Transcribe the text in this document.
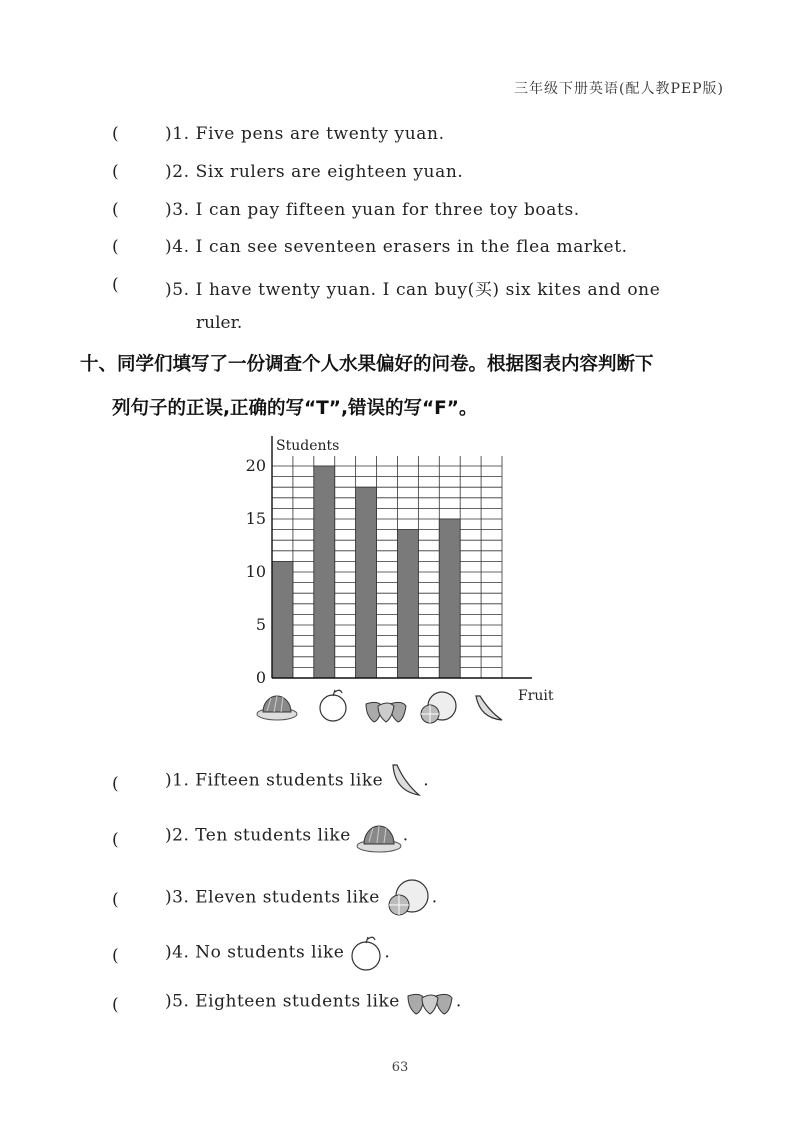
三年级下册英语(配人教PEP版)
(	)1. Five pens are twenty yuan.
(	)2. Six rulers are eighteen yuan.
(	)3. I can pay fifteen yuan for three toy boats.
(	)4. I can see seventeen erasers in the flea market.
(	)5. I have twenty yuan. I can buy(买) six kites and one
ruler.
十、同学们填写了一份调查个人水果偏好的问卷。根据图表内容判断下
列句子的正误,正确的写“T”,错误的写“F”。
0
5
10
15
20
Students
Fruit
(	)1. Fifteen students like .
(	)2. Ten students like	.
(	)3. Eleven students like	.
(	)4. No students like .
(	)5. Eighteen students like	.
63
